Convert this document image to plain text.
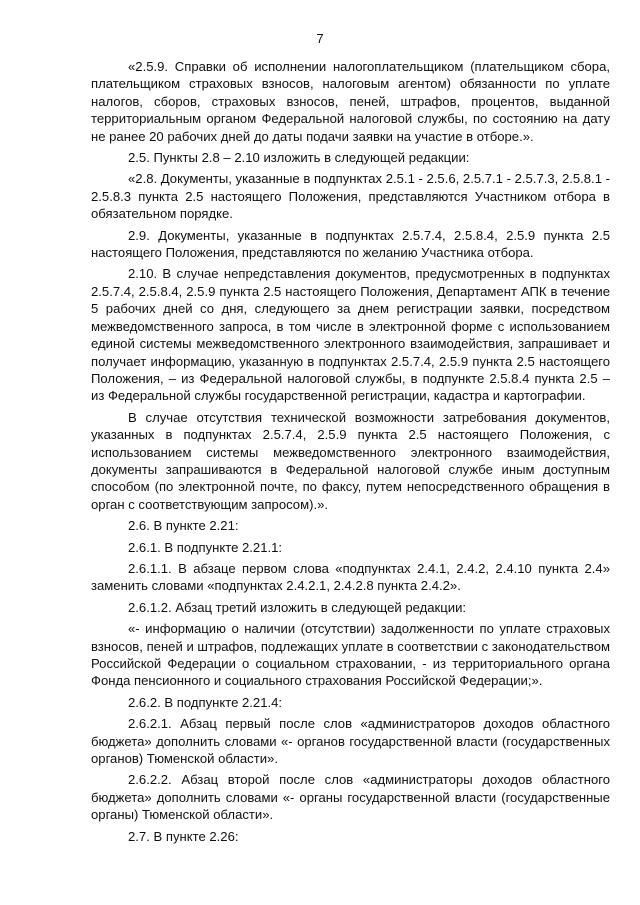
7

«2.5.9. Справки об исполнении налогоплательщиком (плательщиком сбора, плательщиком страховых взносов, налоговым агентом) обязанности по уплате налогов, сборов, страховых взносов, пеней, штрафов, процентов, выданной территориальным органом Федеральной налоговой службы, по состоянию на дату не ранее 20 рабочих дней до даты подачи заявки на участие в отборе.».

2.5. Пункты 2.8 – 2.10 изложить в следующей редакции:

«2.8. Документы, указанные в подпунктах 2.5.1 - 2.5.6, 2.5.7.1 - 2.5.7.3, 2.5.8.1 - 2.5.8.3 пункта 2.5 настоящего Положения, представляются Участником отбора в обязательном порядке.

2.9. Документы, указанные в подпунктах 2.5.7.4, 2.5.8.4, 2.5.9 пункта 2.5 настоящего Положения, представляются по желанию Участника отбора.

2.10. В случае непредставления документов, предусмотренных в подпунктах 2.5.7.4, 2.5.8.4, 2.5.9 пункта 2.5 настоящего Положения, Департамент АПК в течение 5 рабочих дней со дня, следующего за днем регистрации заявки, посредством межведомственного запроса, в том числе в электронной форме с использованием единой системы межведомственного электронного взаимодействия, запрашивает и получает информацию, указанную в подпунктах 2.5.7.4, 2.5.9 пункта 2.5 настоящего Положения, – из Федеральной налоговой службы, в подпункте 2.5.8.4 пункта 2.5 – из Федеральной службы государственной регистрации, кадастра и картографии.

В случае отсутствия технической возможности затребования документов, указанных в подпунктах 2.5.7.4, 2.5.9 пункта 2.5 настоящего Положения, с использованием системы межведомственного электронного взаимодействия, документы запрашиваются в Федеральной налоговой службе иным доступным способом (по электронной почте, по факсу, путем непосредственного обращения в орган с соответствующим запросом).».

2.6. В пункте 2.21:

2.6.1. В подпункте 2.21.1:

2.6.1.1. В абзаце первом слова «подпунктах 2.4.1, 2.4.2, 2.4.10 пункта 2.4» заменить словами «подпунктах 2.4.2.1, 2.4.2.8 пункта 2.4.2».

2.6.1.2. Абзац третий изложить в следующей редакции:

«- информацию о наличии (отсутствии) задолженности по уплате страховых взносов, пеней и штрафов, подлежащих уплате в соответствии с законодательством Российской Федерации о социальном страховании, - из территориального органа Фонда пенсионного и социального страхования Российской Федерации;».

2.6.2. В подпункте 2.21.4:

2.6.2.1. Абзац первый после слов «администраторов доходов областного бюджета» дополнить словами «- органов государственной власти (государственных органов) Тюменской области».

2.6.2.2. Абзац второй после слов «администраторы доходов областного бюджета» дополнить словами «- органы государственной власти (государственные органы) Тюменской области».

2.7. В пункте 2.26:
